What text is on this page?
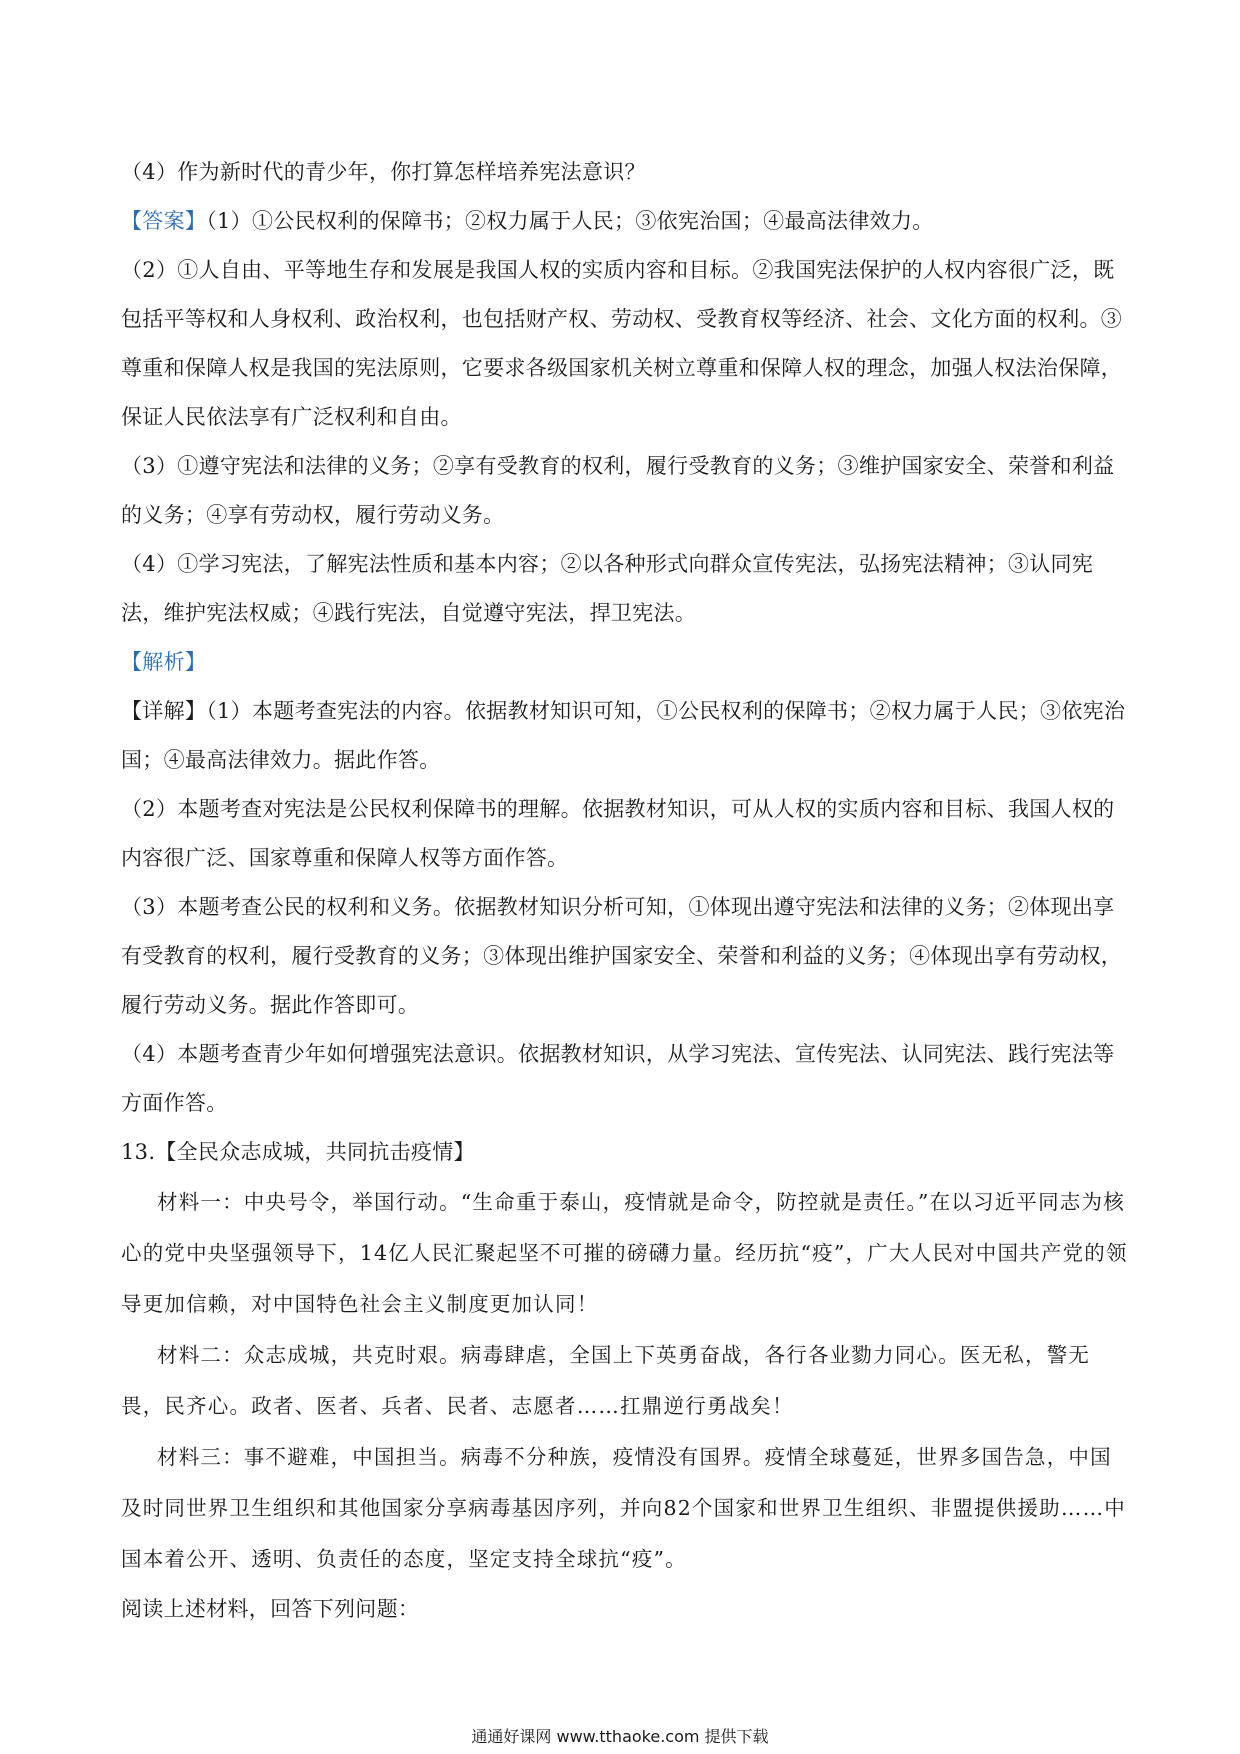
（4）作为新时代的青少年，你打算怎样培养宪法意识？

【答案】（1）①公民权利的保障书；②权力属于人民；③依宪治国；④最高法律效力。

（2）①人自由、平等地生存和发展是我国人权的实质内容和目标。②我国宪法保护的人权内容很广泛，既包括平等权和人身权利、政治权利，也包括财产权、劳动权、受教育权等经济、社会、文化方面的权利。③尊重和保障人权是我国的宪法原则，它要求各级国家机关树立尊重和保障人权的理念，加强人权法治保障，保证人民依法享有广泛权利和自由。

（3）①遵守宪法和法律的义务；②享有受教育的权利，履行受教育的义务；③维护国家安全、荣誉和利益的义务；④享有劳动权，履行劳动义务。

（4）①学习宪法，了解宪法性质和基本内容；②以各种形式向群众宣传宪法，弘扬宪法精神；③认同宪法，维护宪法权威；④践行宪法，自觉遵守宪法，捍卫宪法。

【解析】

【详解】（1）本题考查宪法的内容。依据教材知识可知，①公民权利的保障书；②权力属于人民；③依宪治国；④最高法律效力。据此作答。

（2）本题考查对宪法是公民权利保障书的理解。依据教材知识，可从人权的实质内容和目标、我国人权的内容很广泛、国家尊重和保障人权等方面作答。

（3）本题考查公民的权利和义务。依据教材知识分析可知，①体现出遵守宪法和法律的义务；②体现出享有受教育的权利，履行受教育的义务；③体现出维护国家安全、荣誉和利益的义务；④体现出享有劳动权，履行劳动义务。据此作答即可。

（4）本题考查青少年如何增强宪法意识。依据教材知识，从学习宪法、宣传宪法、认同宪法、践行宪法等方面作答。

13.【全民众志成城，共同抗击疫情】

材料一：中央号令，举国行动。“生命重于泰山，疫情就是命令，防控就是责任。”在以习近平同志为核心的党中央坚强领导下，14亿人民汇聚起坚不可摧的磅礴力量。经历抗“疫”，广大人民对中国共产党的领导更加信赖，对中国特色社会主义制度更加认同！

材料二：众志成城，共克时艰。病毒肆虐，全国上下英勇奋战，各行各业勠力同心。医无私，警无畏，民齐心。政者、医者、兵者、民者、志愿者……扛鼎逆行勇战矣！

材料三：事不避难，中国担当。病毒不分种族，疫情没有国界。疫情全球蔓延，世界多国告急，中国及时同世界卫生组织和其他国家分享病毒基因序列，并向82个国家和世界卫生组织、非盟提供援助……中国本着公开、透明、负责任的态度，坚定支持全球抗“疫”。

阅读上述材料，回答下列问题：

通通好课网 www.tthaoke.com 提供下载
